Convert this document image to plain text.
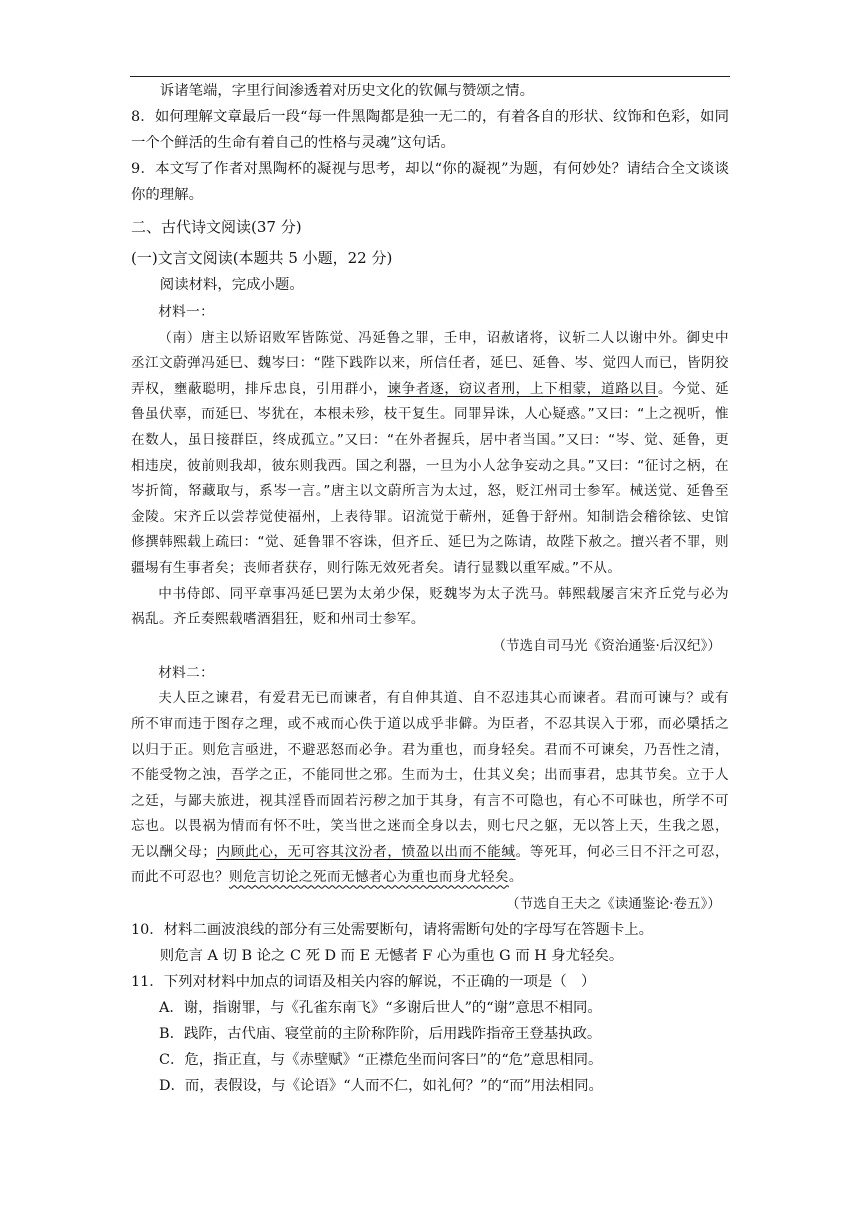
诉诸笔端，字里行间渗透着对历史文化的钦佩与赞颂之情。

8．如何理解文章最后一段“每一件黑陶都是独一无二的，有着各自的形状、纹饰和色彩，如同一个个鲜活的生命有着自己的性格与灵魂”这句话。

9．本文写了作者对黑陶杯的凝视与思考，却以“你的凝视”为题，有何妙处？请结合全文谈谈你的理解。

二、古代诗文阅读(37 分)

(一)文言文阅读(本题共 5 小题，22 分)

阅读材料，完成小题。

材料一：

（南）唐主以矫诏败军皆陈觉、冯延鲁之罪，壬申，诏赦诸将，议斩二人以谢中外。御史中丞江文蔚弹冯延巳、魏岑曰：“陛下践阼以来，所信任者，延巳、延鲁、岑、觉四人而已，皆阴狡弄权，壅蔽聪明，排斥忠良，引用群小，谏争者逐，窃议者刑，上下相蒙，道路以目。今觉、延鲁虽伏辜，而延巳、岑犹在，本根未殄，枝干复生。同罪异诛，人心疑惑。”又曰：“上之视听，惟在数人，虽日接群臣，终成孤立。”又曰：“在外者握兵，居中者当国。”又曰：“岑、觉、延鲁，更相违戾，彼前则我却，彼东则我西。国之利器，一旦为小人忿争妄动之具。”又曰：“征讨之柄，在岑折简，帑藏取与，系岑一言。”唐主以文蔚所言为太过，怒，贬江州司士参军。械送觉、延鲁至金陵。宋齐丘以尝荐觉使福州，上表待罪。诏流觉于蕲州，延鲁于舒州。知制诰会稽徐铉、史馆修撰韩熙载上疏曰：“觉、延鲁罪不容诛，但齐丘、延巳为之陈请，故陛下赦之。擅兴者不罪，则疆埸有生事者矣；丧师者获存，则行陈无效死者矣。请行显戮以重军威。”不从。

中书侍郎、同平章事冯延巳罢为太弟少保，贬魏岑为太子洗马。韩熙载屡言宋齐丘党与必为祸乱。齐丘奏熙载嗜酒猖狂，贬和州司士参军。

（节选自司马光《资治通鉴·后汉纪》）

材料二：

夫人臣之谏君，有爱君无已而谏者，有自伸其道、自不忍违其心而谏者。君而可谏与？或有所不审而违于图存之理，或不戒而心佚于道以成乎非僻。为臣者，不忍其误入于邪，而必檃括之以归于正。则危言亟进，不避恶怒而必争。君为重也，而身轻矣。君而不可谏矣，乃吾性之清，不能受物之浊，吾学之正，不能同世之邪。生而为士，仕其义矣；出而事君，忠其节矣。立于人之廷，与鄙夫旅进，视其淫昏而固若污秽之加于其身，有言不可隐也，有心不可昧也，所学不可忘也。以畏祸为情而有怀不吐，笑当世之迷而全身以去，则七尺之躯，无以答上天，生我之恩，无以酬父母；内顾此心，无可容其汶汾者，愤盈以出而不能缄。等死耳，何必三日不汗之可忍，而此不可忍也？则危言切论之死而无憾者心为重也而身尤轻矣。

（节选自王夫之《读通鉴论·卷五》）

10．材料二画波浪线的部分有三处需要断句，请将需断句处的字母写在答题卡上。

则危言 A 切 B 论之 C 死 D 而 E 无憾者 F 心为重也 G 而 H 身尤轻矣。

11．下列对材料中加点的词语及相关内容的解说，不正确的一项是（　）

A．谢，指谢罪，与《孔雀东南飞》“多谢后世人”的“谢”意思不相同。

B．践阼，古代庙、寝堂前的主阶称阼阶，后用践阼指帝王登基执政。

C．危，指正直，与《赤壁赋》“正襟危坐而问客曰”的“危”意思相同。

D．而，表假设，与《论语》“人而不仁，如礼何？”的“而”用法相同。
